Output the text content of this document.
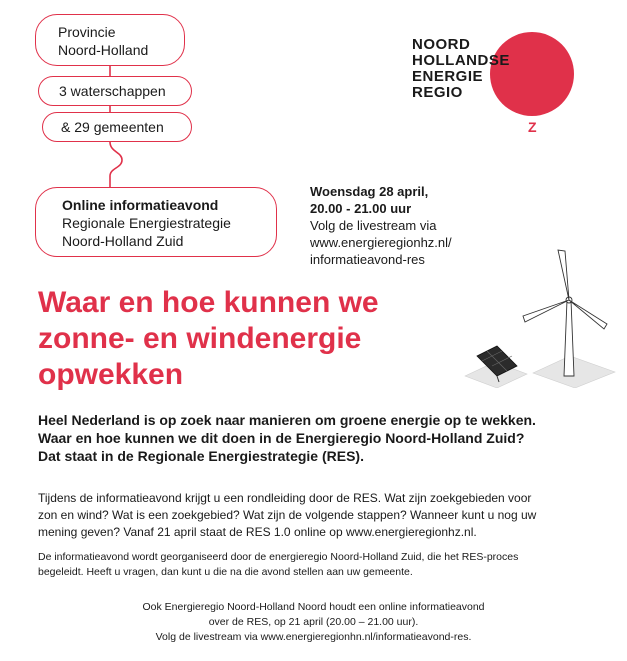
Provincie
Noord-Holland
3 waterschappen
& 29 gemeenten
Online informatieavond
Regionale Energiestrategie
Noord-Holland Zuid
Woensdag 28 april,
20.00 - 21.00 uur
Volg de livestream via
www.energieregionhz.nl/
informatieavond-res
Z
NOORD
HOLLANDSE
ENERGIE
REGIO
Waar en hoe kunnen we
zonne- en windenergie
opwekken
Heel Nederland is op zoek naar manieren om groene energie op te wekken.
Waar en hoe kunnen we dit doen in de Energieregio Noord-Holland Zuid?
Dat staat in de Regionale Energiestrategie (RES).
Tijdens de informatieavond krijgt u een rondleiding door de RES. Wat zijn zoekgebieden voor
zon en wind? Wat is een zoekgebied? Wat zijn de volgende stappen? Wanneer kunt u nog uw
mening geven? Vanaf 21 april staat de RES 1.0 online op www.energieregionhz.nl.
De informatieavond wordt georganiseerd door de energieregio Noord-Holland Zuid, die het RES-proces
begeleidt. Heeft u vragen, dan kunt u die na die avond stellen aan uw gemeente.
Ook Energieregio Noord-Holland Noord houdt een online informatieavond
over de RES, op 21 april (20.00 – 21.00 uur).
Volg de livestream via www.energieregionhn.nl/informatieavond-res.
